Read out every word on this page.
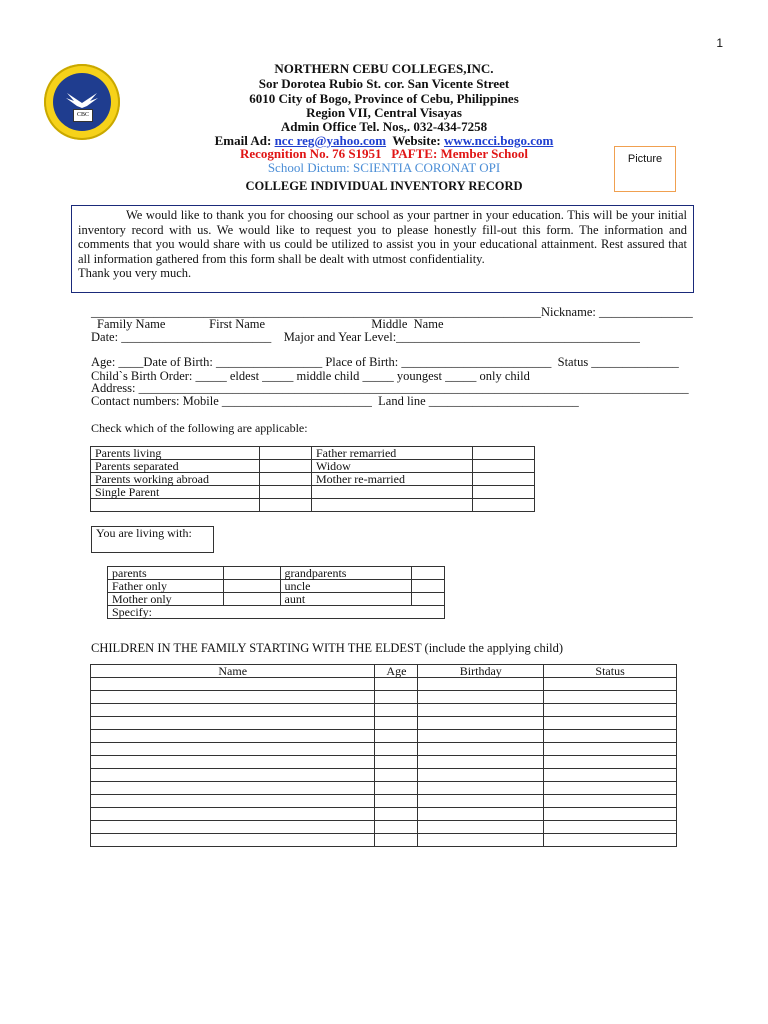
1
CBC
NORTHERN CEBU COLLEGES,INC.
Sor Dorotea Rubio St. cor. San Vicente Street
6010 City of Bogo, Province of Cebu, Philippines
Region VII, Central Visayas
Admin Office Tel. Nos,. 032-434-7258
Email Ad: ncc reg@yahoo.com  Website: www.ncci.bogo.com
Recognition No. 76 S1951   PAFTE: Member School
School Dictum: SCIENTIA CORONAT OPI
Picture
COLLEGE INDIVIDUAL INVENTORY RECORD
We would like to thank you for choosing our school as your partner in your education. This will be your initial inventory record with us. We would like to request you to please honestly fill-out this form. The information and comments that you would share with us could be utilized to assist you in your educational attainment. Rest assured that all information gathered from this form shall be dealt with utmost confidentiality.
Thank you very much.
________________________________________________________________________Nickname: _______________
Family Name              First Name                                  Middle  Name
Date: ________________________    Major and Year Level:_______________________________________
Age: ____Date of Birth: _________________ Place of Birth: ________________________  Status ______________
Child`s Birth Order: _____ eldest _____ middle child _____ youngest _____ only child
Address: ________________________________________________________________________________________
Contact numbers: Mobile ________________________  Land line ________________________
Check which of the following are applicable:
Parents living		Father remarried	
Parents separated		Widow	
Parents working abroad		Mother re-married	
Single Parent			

You are living with:
parents		grandparents	
Father only		uncle	
Mother only		aunt	
Specify:			
CHILDREN IN THE FAMILY STARTING WITH THE ELDEST (include the applying child)
Name	Age	Birthday	Status
